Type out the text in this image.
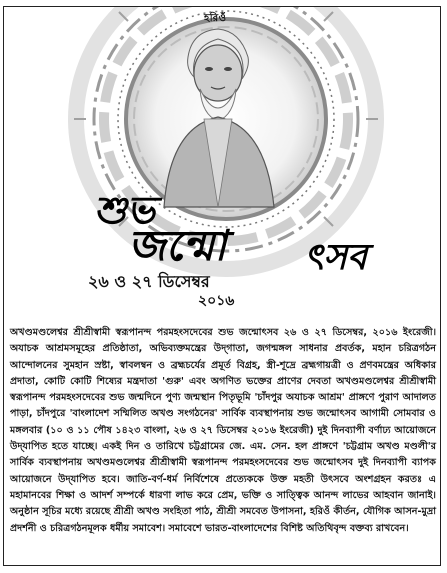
হরিওঁ
শুভ
জন্মো ৎসব
২৬ ও ২৭ ডিসেম্বর
২০১৬
অখণ্ডমণ্ডলেশ্বর শ্রীশ্রীস্বামী স্বরূপানন্দ পরমহংসদেবের শুভ জন্মোৎসব ২৬ ও ২৭ ডিসেম্বর, ২০১৬ ইংরেজী। অযাচক আশ্রমসমূহের প্রতিষ্ঠাতা, অভিব্যক্তমন্ত্রের উদ্‌গাতা, জগন্মঙ্গল সাধনার প্রবর্তক, মহান চরিত্রগঠন আন্দোলনের সুমহান স্রষ্টা, স্বাবলম্বন ও ব্রহ্মচর্যের প্রমূর্ত বিগ্রহ, স্ত্রী-শূদ্রে ব্রহ্মগায়ত্রী ও প্রণবমন্ত্রের অধিকার প্রদাতা, কোটি কোটি শিষ্যের মন্ত্রদাতা 'গুরু' এবং অগণিত ভক্তের প্রাণের দেবতা অখণ্ডমণ্ডলেশ্বর শ্রীশ্রীস্বামী স্বরূপানন্দ পরমহংসদেবের শুভ জন্মদিনে পুণ্য জন্মস্থান পিতৃভূমি 'চাঁদপুর অযাচক আশ্রম' প্রাঙ্গণে পুরাণ আদালত পাড়া, চাঁদপুরে 'বাংলাদেশ সম্মিলিত অখণ্ড সংগঠনের' সার্বিক ব্যবস্থাপনায় শুভ জন্মোৎসব আগামী সোমবার ও মঙ্গলবার (১০ ও ১১ পৌষ ১৪২৩ বাংলা, ২৬ ও ২৭ ডিসেম্বর ২০১৬ ইংরেজী) দুই দিনব্যাপী বর্ণাঢ্য আয়োজনে উদ্‌যাপিত হতে যাচ্ছে। একই দিন ও তারিখে চট্টগ্রামের জে. এম. সেন. হল প্রাঙ্গণে 'চট্টগ্রাম অখণ্ড মণ্ডলী'র সার্বিক ব্যবস্থাপনায় অখণ্ডমণ্ডলেশ্বর শ্রীশ্রীস্বামী স্বরূপানন্দ পরমহংসদেবের শুভ জন্মোৎসব দুই দিনব্যাপী ব্যাপক আয়োজনে উদ্‌যাপিত হবে। জাতি-বর্ণ-ধর্ম নির্বিশেষে প্রত্যেককে উক্ত মহতী উৎসবে অংশগ্রহন করতঃ এ মহামানবের শিক্ষা ও আদর্শ সম্পর্কে ধারণা লাভ করে প্রেম, ভক্তি ও সাত্ত্বিক আনন্দ লাভের আহবান জানাই। অনুষ্ঠান সূচির মধ্যে রয়েছে শ্রীশ্রী অখণ্ড সংহিতা পাঠ, শ্রীশ্রী সমবেত উপাসনা, হরিওঁ কীর্তন, যৌগিক আসন-মুদ্রা প্রদর্শনী ও চরিত্রগঠনমূলক ধর্মীয় সমাবেশ। সমাবেশে ভারত-বাংলাদেশের বিশিষ্ট অতিথিবৃন্দ বক্তব্য রাখবেন।
